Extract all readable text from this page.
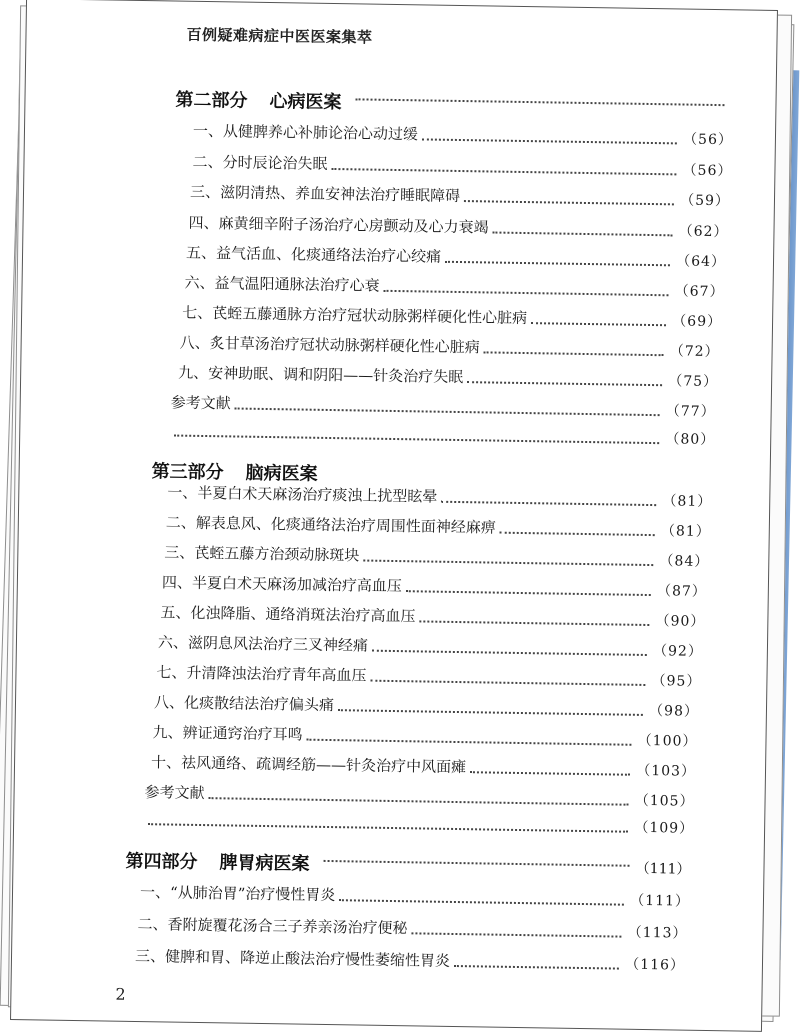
百例疑难病症中医医案集萃
第二部分 心病医案
一、从健脾养心补肺论治心动过缓	（56）
二、分时辰论治失眠	（56）
三、滋阴清热、养血安神法治疗睡眠障碍	（59）
四、麻黄细辛附子汤治疗心房颤动及心力衰竭	（62）
五、益气活血、化痰通络法治疗心绞痛	（64）
六、益气温阳通脉法治疗心衰	（67）
七、芪蛭五藤通脉方治疗冠状动脉粥样硬化性心脏病	（69）
八、炙甘草汤治疗冠状动脉粥样硬化性心脏病	（72）
九、安神助眠、调和阴阳——针灸治疗失眠	（75）
参考文献	（77）
（80）
第三部分 脑病医案
一、半夏白术天麻汤治疗痰浊上扰型眩晕	（81）
二、解表息风、化痰通络法治疗周围性面神经麻痹	（81）
三、芪蛭五藤方治颈动脉斑块	（84）
四、半夏白术天麻汤加减治疗高血压	（87）
五、化浊降脂、通络消斑法治疗高血压	（90）
六、滋阴息风法治疗三叉神经痛	（92）
七、升清降浊法治疗青年高血压	（95）
八、化痰散结法治疗偏头痛	（98）
九、辨证通窍治疗耳鸣	（100）
十、祛风通络、疏调经筋——针灸治疗中风面瘫	（103）
参考文献	（105）
（109）
第四部分 脾胃病医案	（111）
一、“从肺治胃”治疗慢性胃炎	（111）
二、香附旋覆花汤合三子养亲汤治疗便秘	（113）
三、健脾和胃、降逆止酸法治疗慢性萎缩性胃炎	（116）
2
